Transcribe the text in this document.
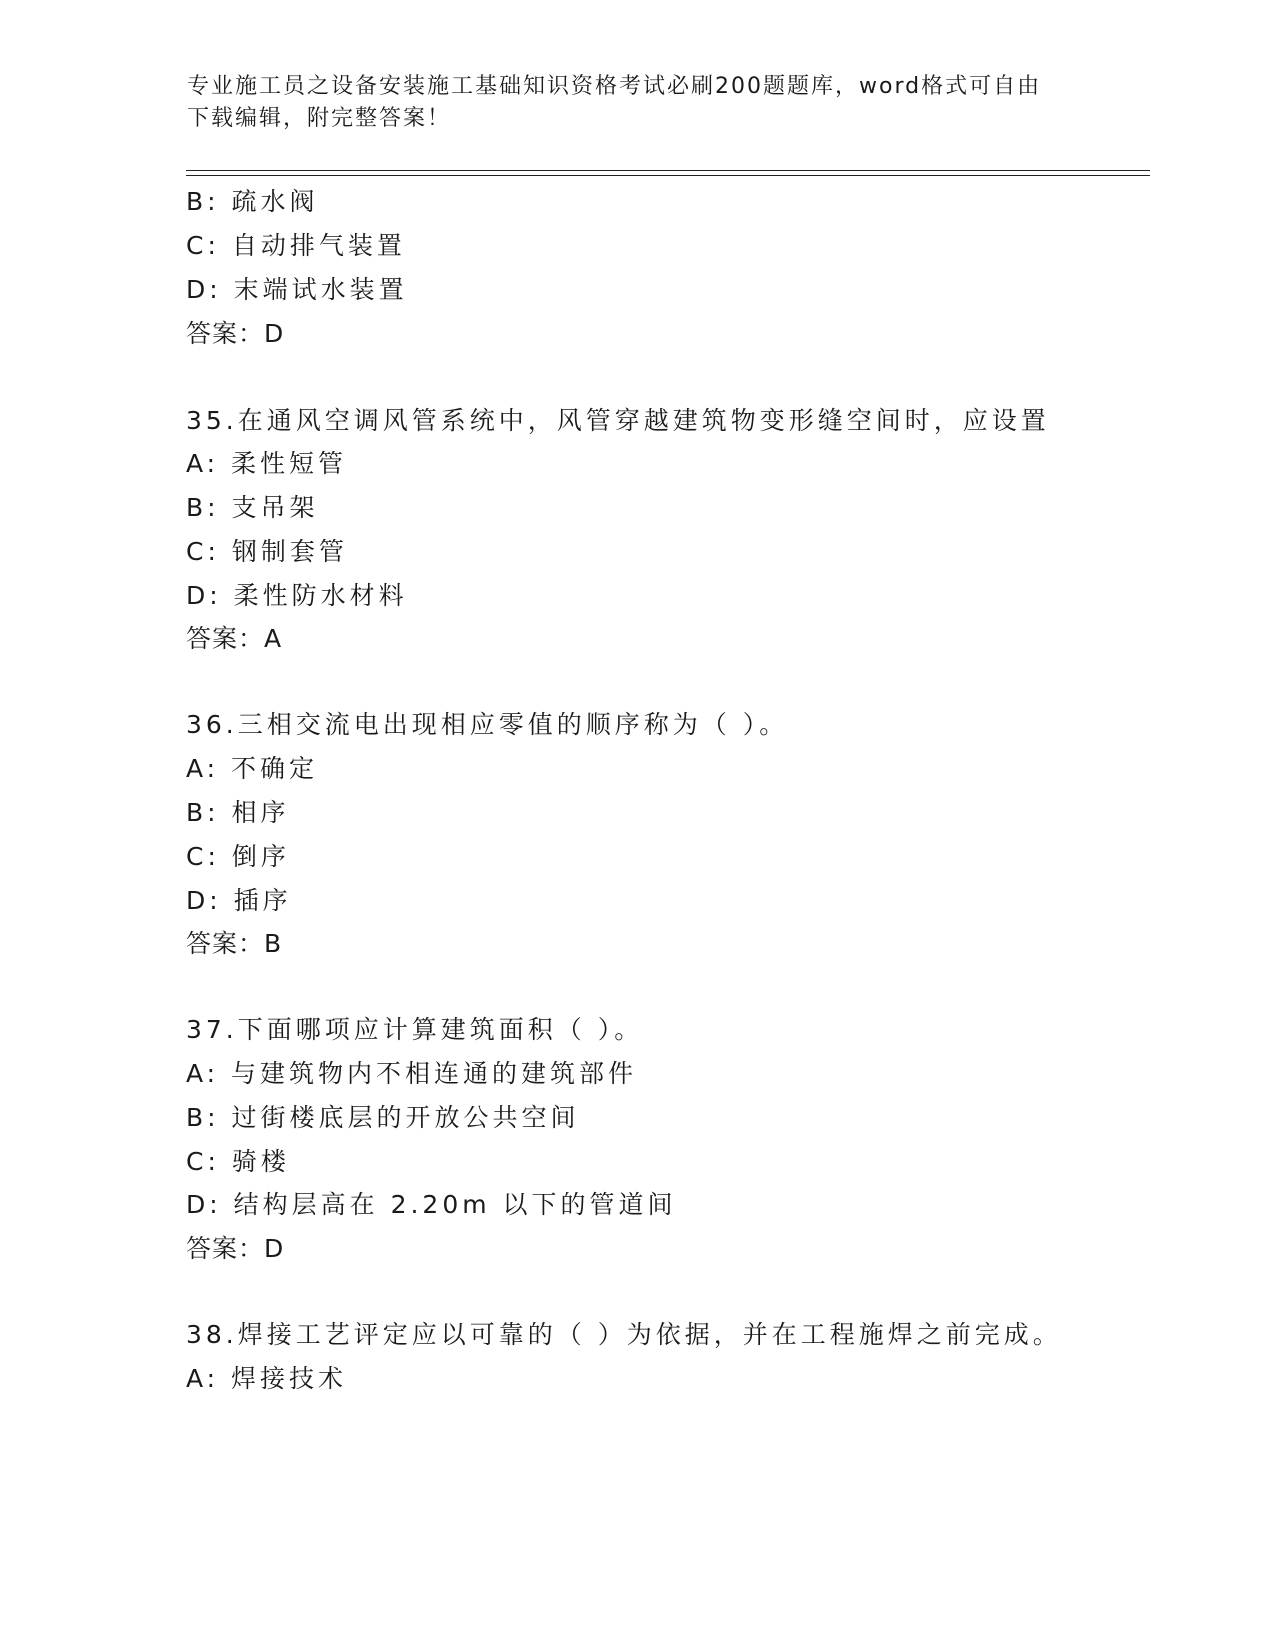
专业施工员之设备安装施工基础知识资格考试必刷200题题库，word格式可自由
下载编辑，附完整答案！
B: 疏水阀
C: 自动排气装置
D: 末端试水装置
答案：D
35.在通风空调风管系统中，风管穿越建筑物变形缝空间时，应设置
A: 柔性短管
B: 支吊架
C: 钢制套管
D: 柔性防水材料
答案：A
36.三相交流电出现相应零值的顺序称为（ ）。
A: 不确定
B: 相序
C: 倒序
D: 插序
答案：B
37.下面哪项应计算建筑面积（ ）。
A: 与建筑物内不相连通的建筑部件
B: 过街楼底层的开放公共空间
C: 骑楼
D: 结构层高在 2.20m 以下的管道间
答案：D
38.焊接工艺评定应以可靠的（ ）为依据，并在工程施焊之前完成。
A: 焊接技术
